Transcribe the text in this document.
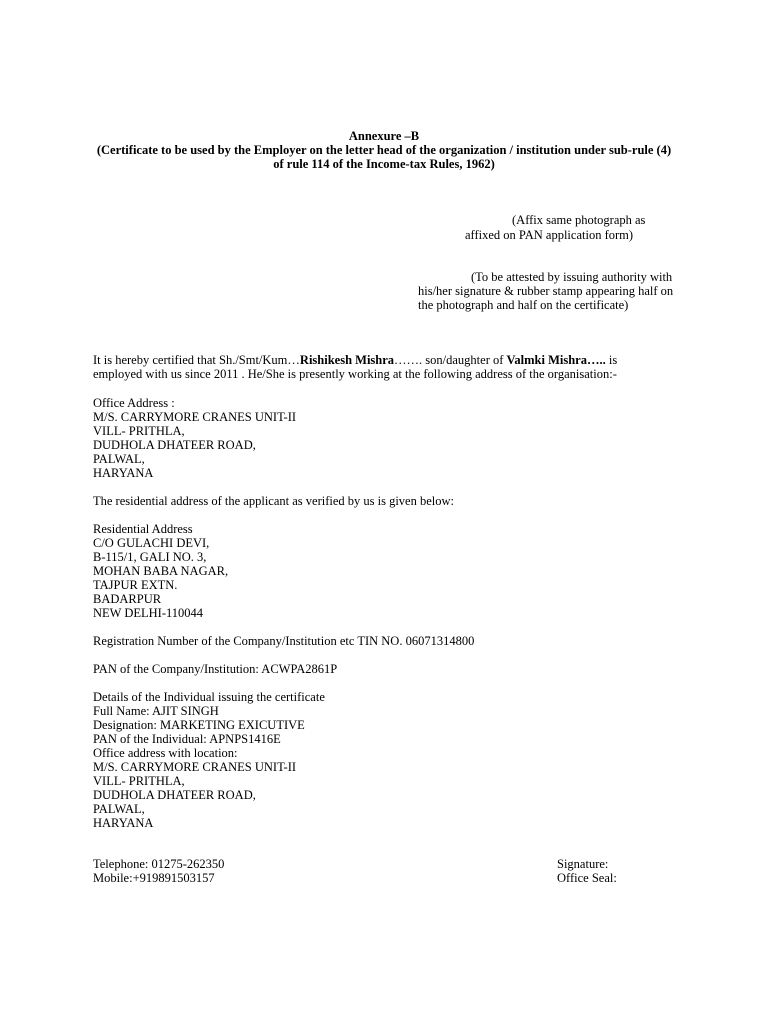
Annexure –B
(Certificate to be used by the Employer on the letter head of the organization / institution under sub-rule (4)
of rule 114 of the Income-tax Rules, 1962)
(Affix same photograph as
affixed on PAN application form)
(To be attested by issuing authority with
his/her signature & rubber stamp appearing half on
the photograph and half on the certificate)
It is hereby certified that Sh./Smt/Kum…Rishikesh Mishra……. son/daughter of Valmki Mishra….. is
employed with us since 2011 . He/She is presently working at the following address of the organisation:-
Office Address :
M/S. CARRYMORE CRANES UNIT-II
VILL- PRITHLA,
DUDHOLA DHATEER ROAD,
PALWAL,
HARYANA
The residential address of the applicant as verified by us is given below:
Residential Address
C/O GULACHI DEVI,
B-115/1, GALI NO. 3,
MOHAN BABA NAGAR,
TAJPUR EXTN.
BADARPUR
NEW DELHI-110044
Registration Number of the Company/Institution etc TIN NO. 06071314800
PAN of the Company/Institution: ACWPA2861P
Details of the Individual issuing the certificate
Full Name: AJIT SINGH
Designation: MARKETING EXICUTIVE
PAN of the Individual: APNPS1416E
Office address with location:
M/S. CARRYMORE CRANES UNIT-II
VILL- PRITHLA,
DUDHOLA DHATEER ROAD,
PALWAL,
HARYANA
Telephone: 01275-262350
Mobile:+919891503157
Signature:
Office Seal:
